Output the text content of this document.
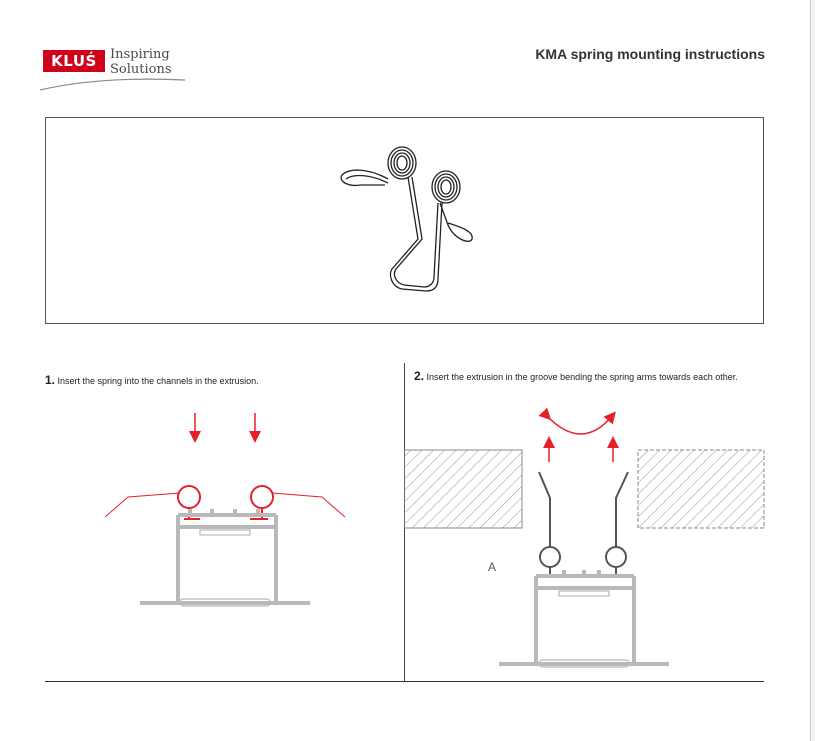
KLUŚ	Inspiring
Solutions
KMA spring mounting instructions
1. Insert the spring into the channels in the extrusion.	2. Insert the extrusion in the groove bending the spring arms towards each other.
A
